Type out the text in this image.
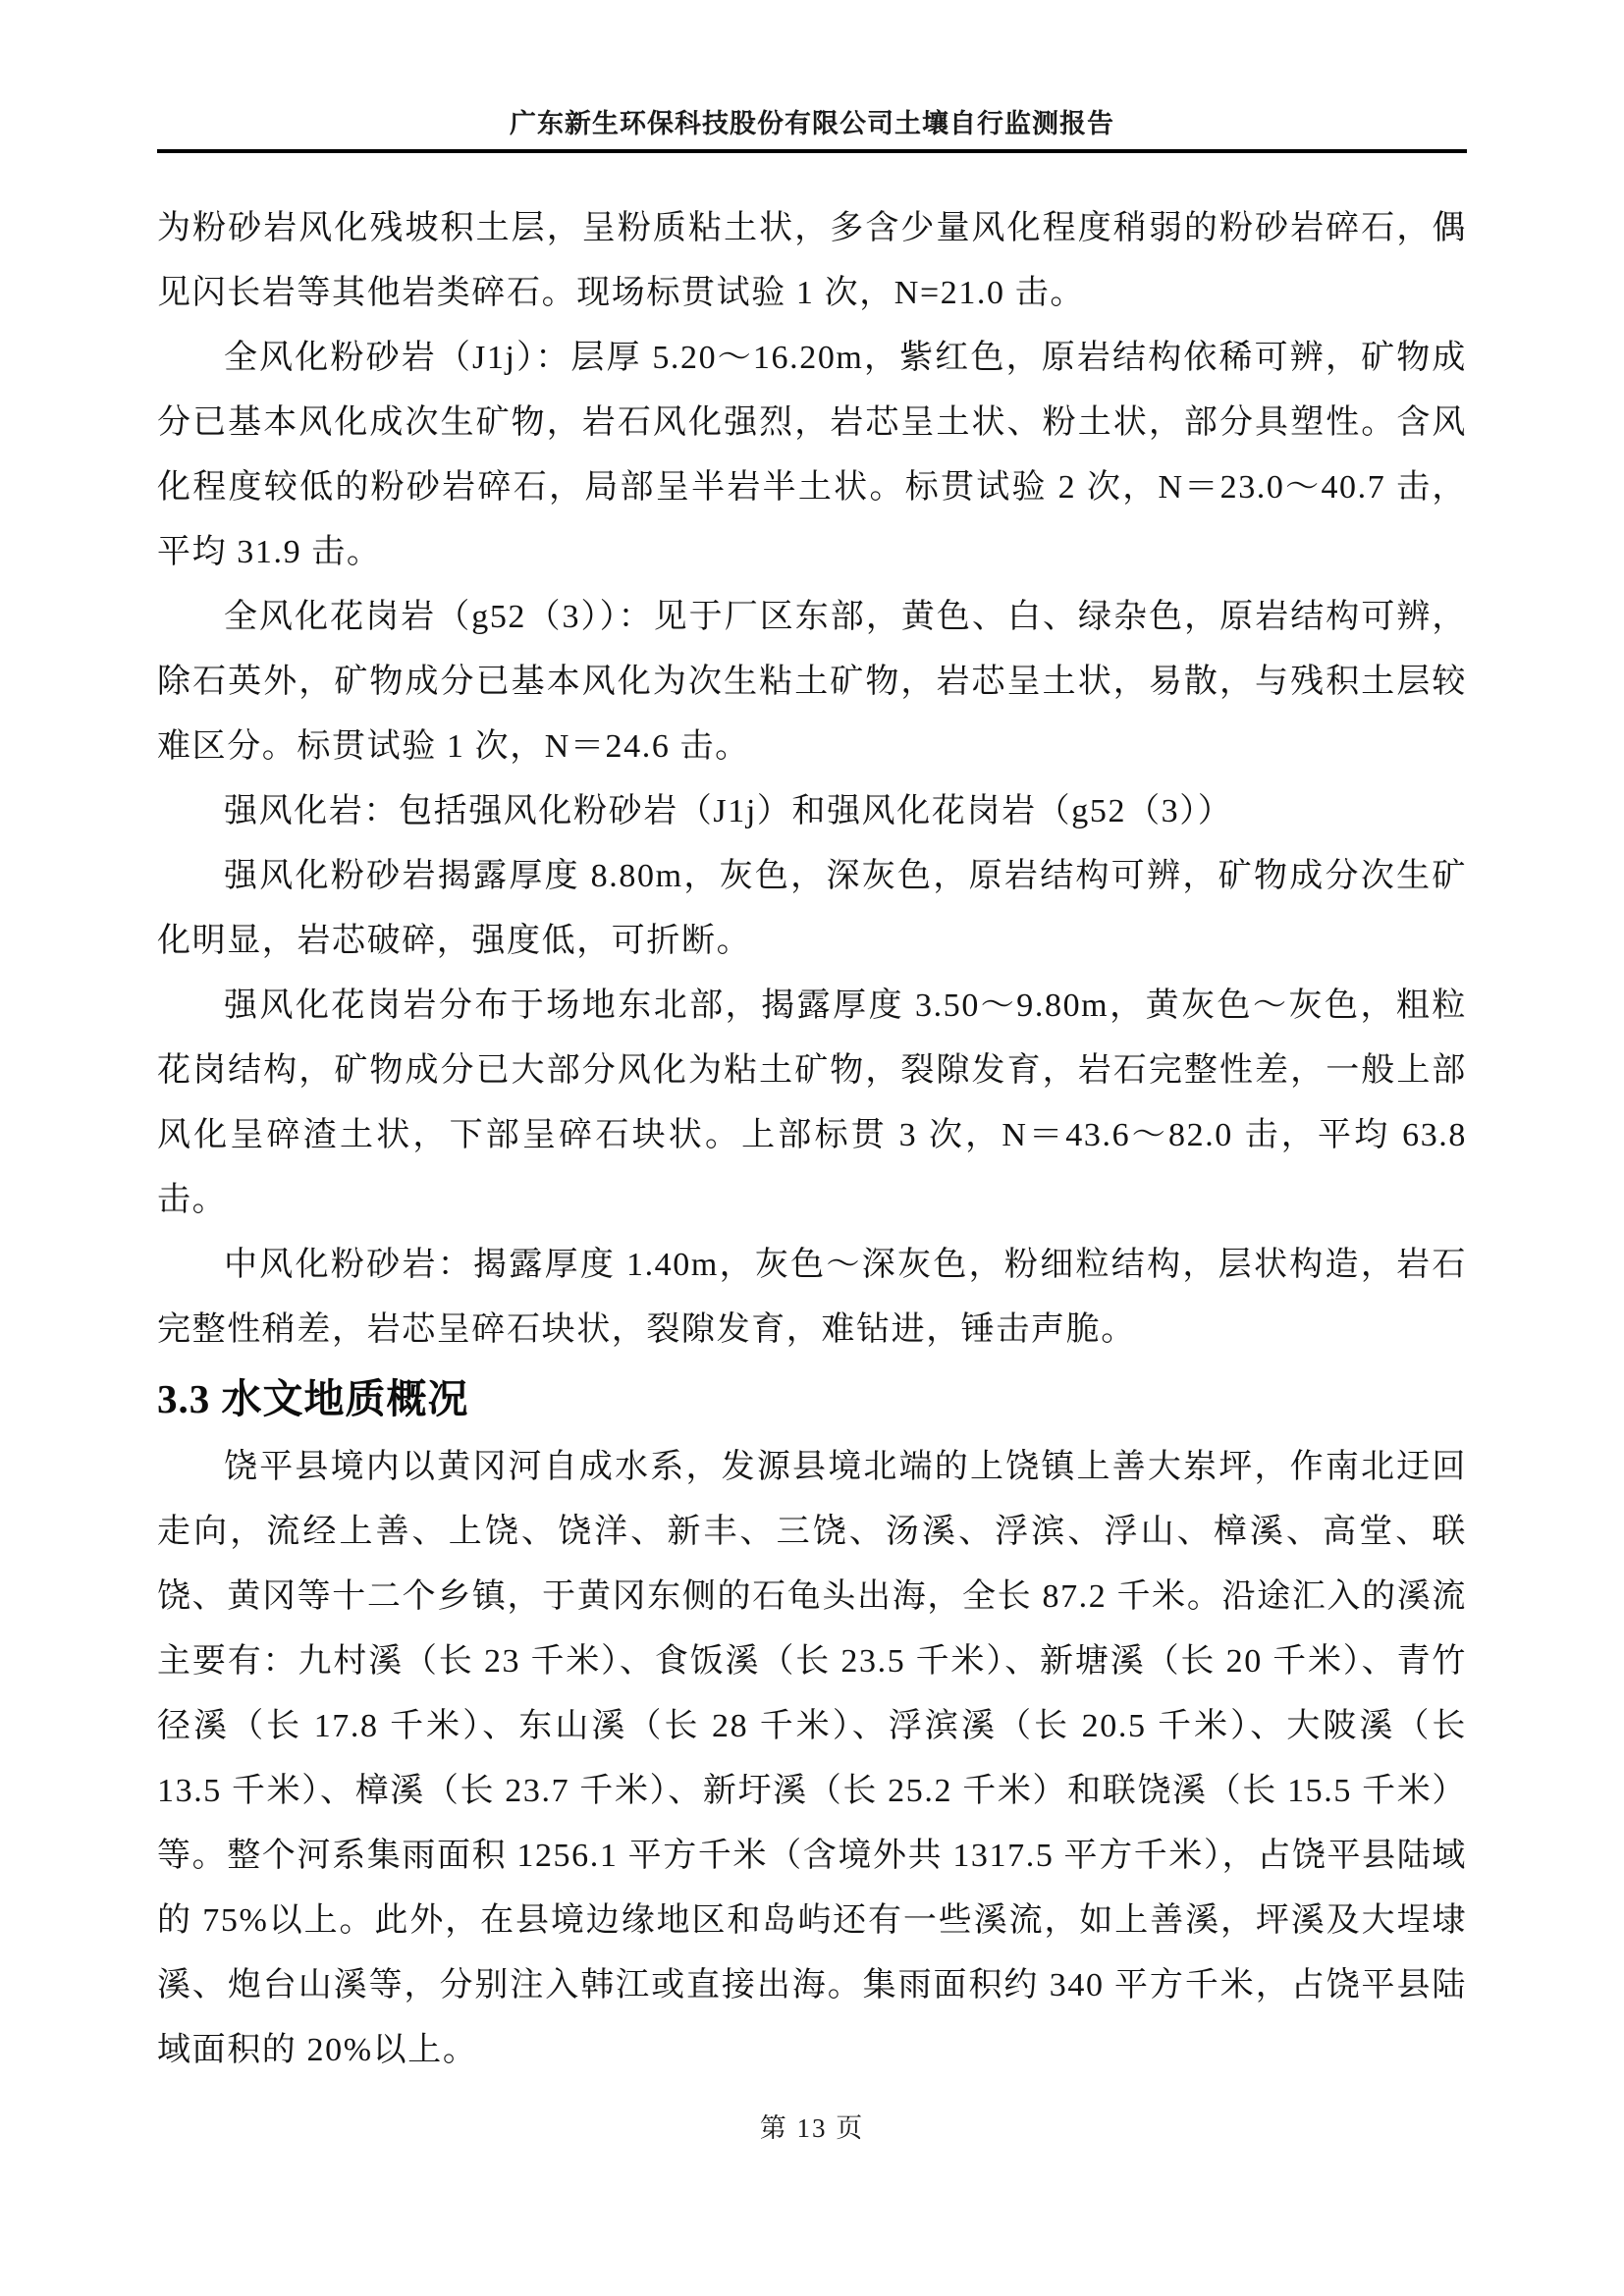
广东新生环保科技股份有限公司土壤自行监测报告

为粉砂岩风化残坡积土层，呈粉质粘土状，多含少量风化程度稍弱的粉砂岩碎石，偶见闪长岩等其他岩类碎石。现场标贯试验 1 次，N=21.0 击。

全风化粉砂岩（J1j）：层厚 5.20～16.20m，紫红色，原岩结构依稀可辨，矿物成分已基本风化成次生矿物，岩石风化强烈，岩芯呈土状、粉土状，部分具塑性。含风化程度较低的粉砂岩碎石，局部呈半岩半土状。标贯试验 2 次，N＝23.0～40.7 击，平均 31.9 击。

全风化花岗岩（g52（3））：见于厂区东部，黄色、白、绿杂色，原岩结构可辨，除石英外，矿物成分已基本风化为次生粘土矿物，岩芯呈土状，易散，与残积土层较难区分。标贯试验 1 次，N＝24.6 击。

强风化岩：包括强风化粉砂岩（J1j）和强风化花岗岩（g52（3））

强风化粉砂岩揭露厚度 8.80m，灰色，深灰色，原岩结构可辨，矿物成分次生矿化明显，岩芯破碎，强度低，可折断。

强风化花岗岩分布于场地东北部，揭露厚度 3.50～9.80m，黄灰色～灰色，粗粒花岗结构，矿物成分已大部分风化为粘土矿物，裂隙发育，岩石完整性差，一般上部风化呈碎渣土状，下部呈碎石块状。上部标贯 3 次，N＝43.6～82.0 击，平均 63.8 击。

中风化粉砂岩：揭露厚度 1.40m，灰色～深灰色，粉细粒结构，层状构造，岩石完整性稍差，岩芯呈碎石块状，裂隙发育，难钻进，锤击声脆。

3.3 水文地质概况

饶平县境内以黄冈河自成水系，发源县境北端的上饶镇上善大岽坪，作南北迂回走向，流经上善、上饶、饶洋、新丰、三饶、汤溪、浮滨、浮山、樟溪、高堂、联饶、黄冈等十二个乡镇，于黄冈东侧的石龟头出海，全长 87.2 千米。沿途汇入的溪流主要有：九村溪（长 23 千米）、食饭溪（长 23.5 千米）、新塘溪（长 20 千米）、青竹径溪（长 17.8 千米）、东山溪（长 28 千米）、浮滨溪（长 20.5 千米）、大陂溪（长 13.5 千米）、樟溪（长 23.7 千米）、新圩溪（长 25.2 千米）和联饶溪（长 15.5 千米）等。整个河系集雨面积 1256.1 平方千米（含境外共 1317.5 平方千米），占饶平县陆域的 75%以上。此外，在县境边缘地区和岛屿还有一些溪流，如上善溪，坪溪及大埕埭溪、炮台山溪等，分别注入韩江或直接出海。集雨面积约 340 平方千米，占饶平县陆域面积的 20%以上。

第 13 页
